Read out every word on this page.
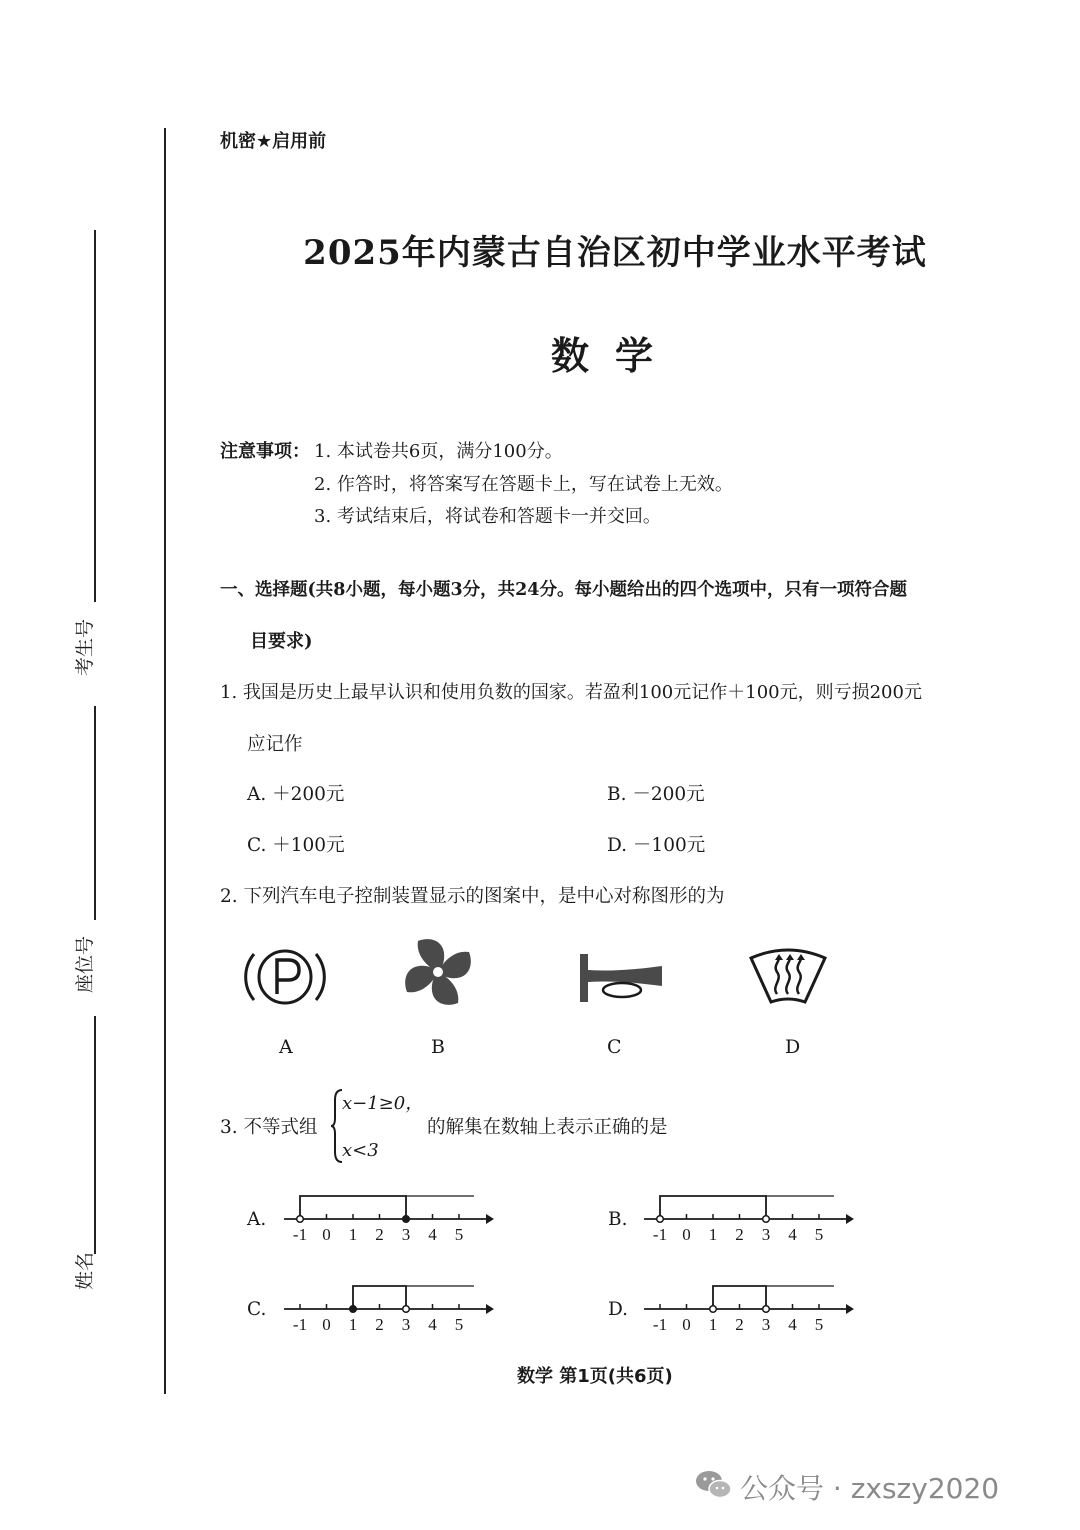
考生号
座位号
姓名
机密★启用前
2025年内蒙古自治区初中学业水平考试
数学
注意事项： 1. 本试卷共6页，满分100分。
2. 作答时，将答案写在答题卡上，写在试卷上无效。
3. 考试结束后，将试卷和答题卡一并交回。
一、选择题(共8小题，每小题3分，共24分。每小题给出的四个选项中，只有一项符合题
目要求)
1. 我国是历史上最早认识和使用负数的国家。若盈利100元记作＋100元，则亏损200元
应记作
A. ＋200元	B. －200元
C. ＋100元	D. －100元
2. 下列汽车电子控制装置显示的图案中，是中心对称图形的为
A	B	C	D
3. 不等式组
x−1≥0，
x<3
的解集在数轴上表示正确的是
A.
-1 0 1 2 3 4 5
B.
-1 0 1 2 3 4 5
C.
-1 0 1 2 3 4 5
D.
-1 0 1 2 3 4 5
数学 第1页(共6页)
公众号 · zxszy2020
